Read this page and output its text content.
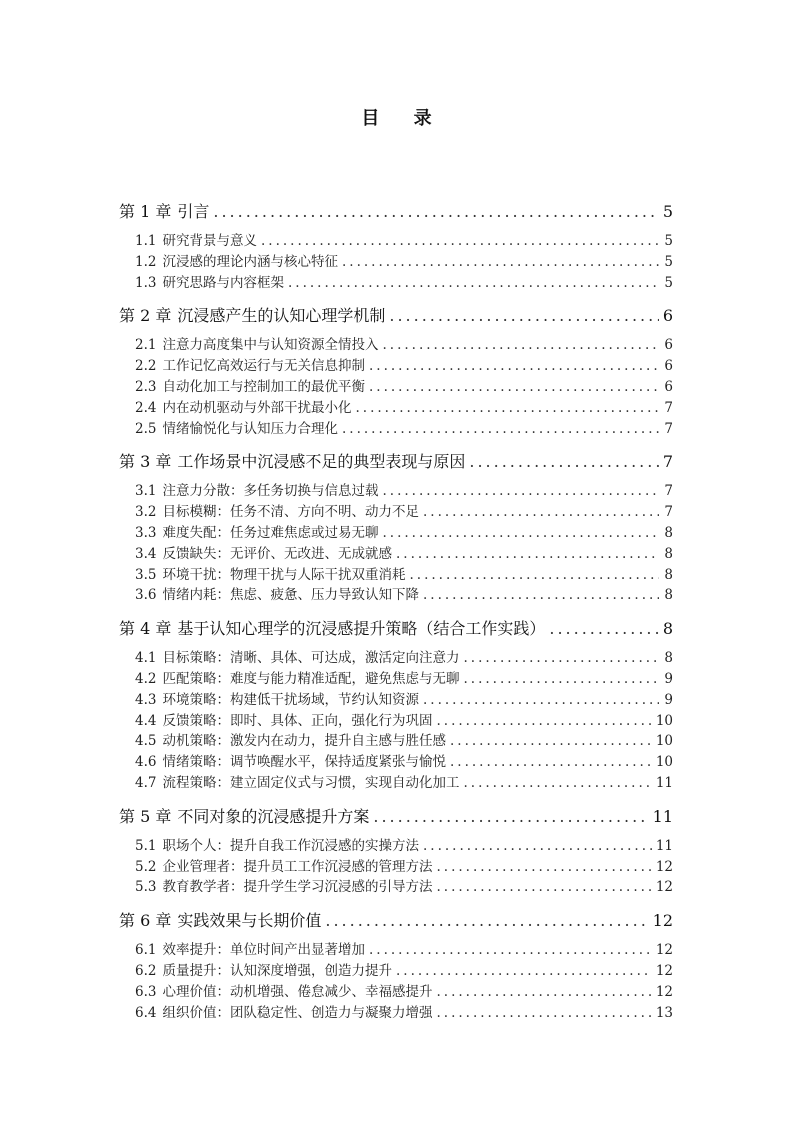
目 录
第 1 章 引言 .....	5
1.1 研究背景与意义 .....	5
1.2 沉浸感的理论内涵与核心特征 .....	5
1.3 研究思路与内容框架 .....	5
第 2 章 沉浸感产生的认知心理学机制 .....	6
2.1 注意力高度集中与认知资源全情投入 .....	6
2.2 工作记忆高效运行与无关信息抑制 .....	6
2.3 自动化加工与控制加工的最优平衡 .....	6
2.4 内在动机驱动与外部干扰最小化 .....	7
2.5 情绪愉悦化与认知压力合理化 .....	7
第 3 章 工作场景中沉浸感不足的典型表现与原因 .....	7
3.1 注意力分散：多任务切换与信息过载 .....	7
3.2 目标模糊：任务不清、方向不明、动力不足 .....	7
3.3 难度失配：任务过难焦虑或过易无聊 .....	8
3.4 反馈缺失：无评价、无改进、无成就感 .....	8
3.5 环境干扰：物理干扰与人际干扰双重消耗 .....	8
3.6 情绪内耗：焦虑、疲惫、压力导致认知下降 .....	8
第 4 章 基于认知心理学的沉浸感提升策略（结合工作实践） .....	8
4.1 目标策略：清晰、具体、可达成，激活定向注意力 .....	8
4.2 匹配策略：难度与能力精准适配，避免焦虑与无聊 .....	9
4.3 环境策略：构建低干扰场域，节约认知资源 .....	9
4.4 反馈策略：即时、具体、正向，强化行为巩固 .....	10
4.5 动机策略：激发内在动力，提升自主感与胜任感 .....	10
4.6 情绪策略：调节唤醒水平，保持适度紧张与愉悦 .....	10
4.7 流程策略：建立固定仪式与习惯，实现自动化加工 .....	11
第 5 章 不同对象的沉浸感提升方案 .....	11
5.1 职场个人：提升自我工作沉浸感的实操方法 .....	11
5.2 企业管理者：提升员工工作沉浸感的管理方法 .....	12
5.3 教育教学者：提升学生学习沉浸感的引导方法 .....	12
第 6 章 实践效果与长期价值 .....	12
6.1 效率提升：单位时间产出显著增加 .....	12
6.2 质量提升：认知深度增强，创造力提升 .....	12
6.3 心理价值：动机增强、倦怠减少、幸福感提升 .....	12
6.4 组织价值：团队稳定性、创造力与凝聚力增强 .....	13
